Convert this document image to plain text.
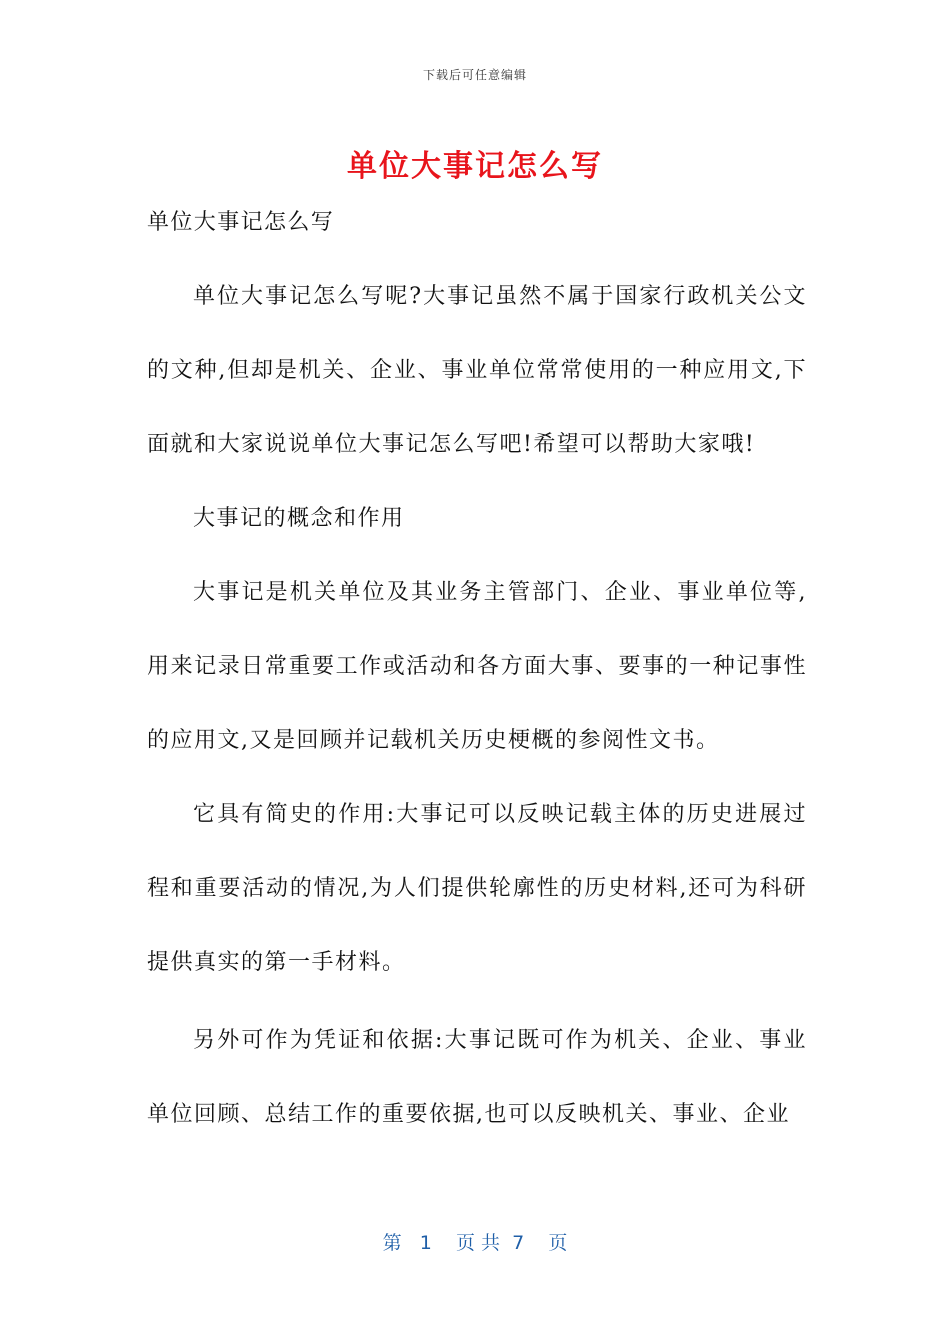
下载后可任意编辑
单位大事记怎么写
单位大事记怎么写

单位大事记怎么写呢?大事记虽然不属于国家行政机关公文的文种,但却是机关、企业、事业单位常常使用的一种应用文,下面就和大家说说单位大事记怎么写吧!希望可以帮助大家哦!

大事记的概念和作用

大事记是机关单位及其业务主管部门、企业、事业单位等,用来记录日常重要工作或活动和各方面大事、要事的一种记事性的应用文,又是回顾并记载机关历史梗概的参阅性文书。

它具有简史的作用:大事记可以反映记载主体的历史进展过程和重要活动的情况,为人们提供轮廓性的历史材料,还可为科研提供真实的第一手材料。

另外可作为凭证和依据:大事记既可作为机关、企业、事业单位回顾、总结工作的重要依据,也可以反映机关、事业、企业

第   1    页 共  7    页
